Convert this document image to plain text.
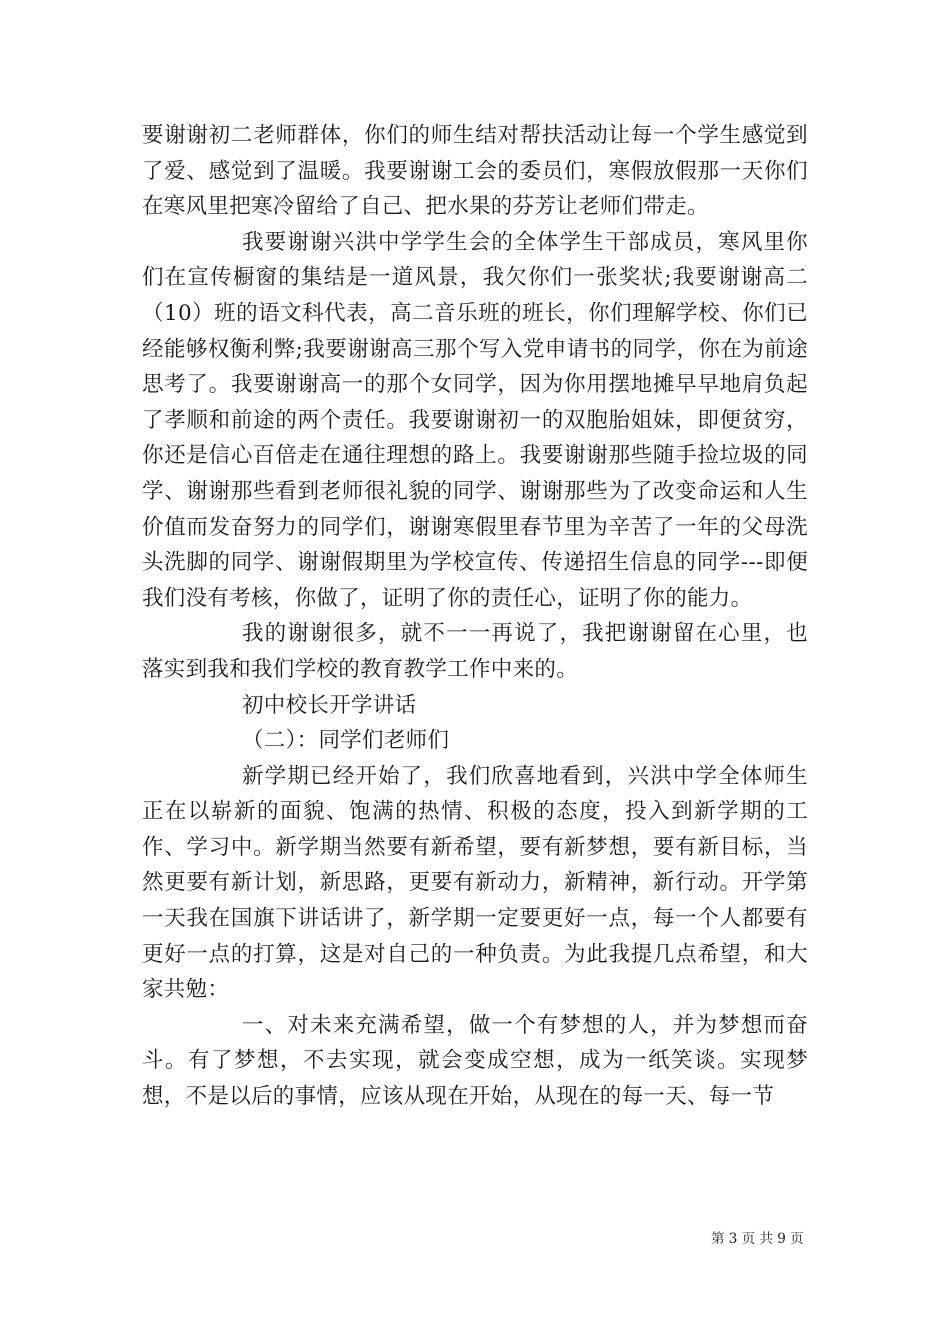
要谢谢初二老师群体，你们的师生结对帮扶活动让每一个学生感觉到了爱、感觉到了温暖。我要谢谢工会的委员们，寒假放假那一天你们在寒风里把寒冷留给了自己、把水果的芬芳让老师们带走。

我要谢谢兴洪中学学生会的全体学生干部成员，寒风里你们在宣传橱窗的集结是一道风景，我欠你们一张奖状;我要谢谢高二（10）班的语文科代表，高二音乐班的班长，你们理解学校、你们已经能够权衡利弊;我要谢谢高三那个写入党申请书的同学，你在为前途思考了。我要谢谢高一的那个女同学，因为你用摆地摊早早地肩负起了孝顺和前途的两个责任。我要谢谢初一的双胞胎姐妹，即便贫穷，你还是信心百倍走在通往理想的路上。我要谢谢那些随手捡垃圾的同学、谢谢那些看到老师很礼貌的同学、谢谢那些为了改变命运和人生价值而发奋努力的同学们，谢谢寒假里春节里为辛苦了一年的父母洗头洗脚的同学、谢谢假期里为学校宣传、传递招生信息的同学---即便我们没有考核，你做了，证明了你的责任心，证明了你的能力。

我的谢谢很多，就不一一再说了，我把谢谢留在心里，也落实到我和我们学校的教育教学工作中来的。

初中校长开学讲话

（二）：同学们老师们

新学期已经开始了，我们欣喜地看到，兴洪中学全体师生正在以崭新的面貌、饱满的热情、积极的态度，投入到新学期的工作、学习中。新学期当然要有新希望，要有新梦想，要有新目标，当然更要有新计划，新思路，更要有新动力，新精神，新行动。开学第一天我在国旗下讲话讲了，新学期一定要更好一点，每一个人都要有更好一点的打算，这是对自己的一种负责。为此我提几点希望，和大家共勉：

一、对未来充满希望，做一个有梦想的人，并为梦想而奋斗。有了梦想，不去实现，就会变成空想，成为一纸笑谈。实现梦想，不是以后的事情，应该从现在开始，从现在的每一天、每一节

第 3 页 共 9 页
